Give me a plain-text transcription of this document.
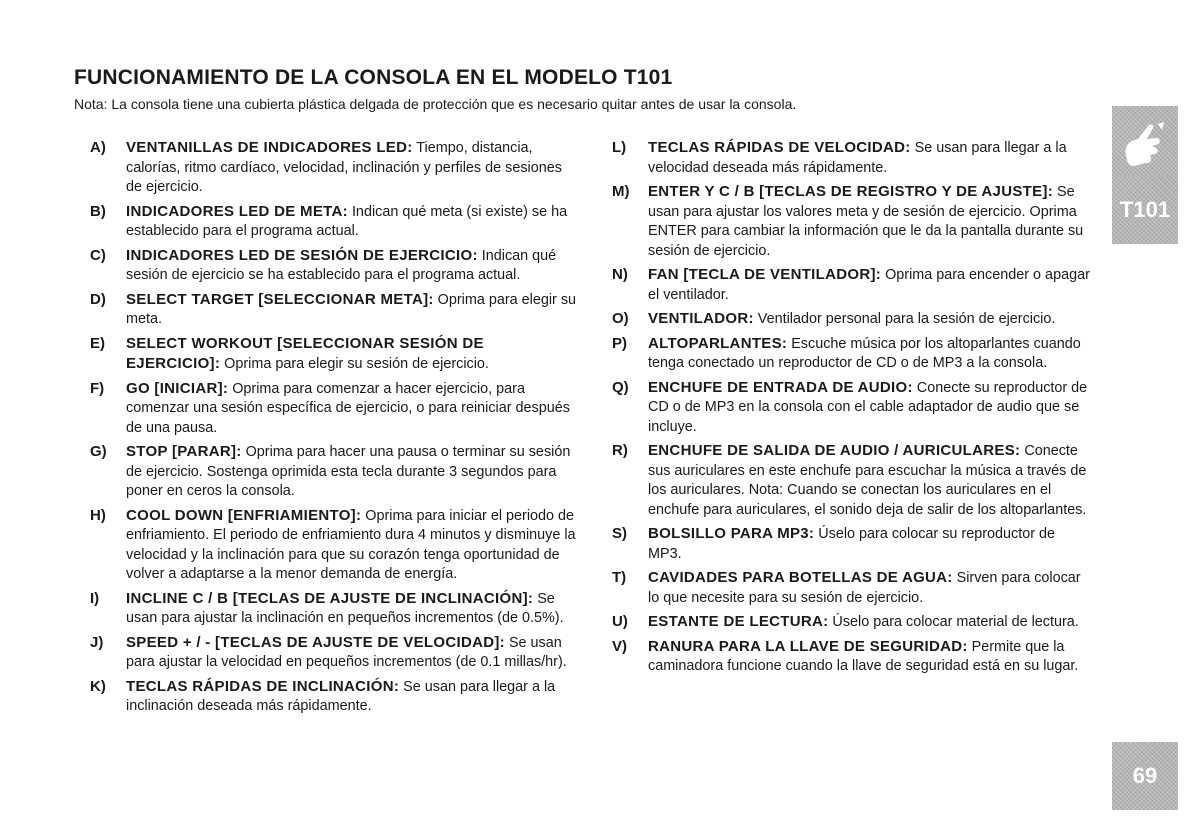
FUNCIONAMIENTO DE LA CONSOLA EN EL MODELO T101
Nota: La consola tiene una cubierta plástica delgada de protección que es necesario quitar antes de usar la consola.
A) VENTANILLAS DE INDICADORES LED: Tiempo, distancia, calorías, ritmo cardíaco, velocidad, inclinación y perfiles de sesiones de ejercicio.
B) INDICADORES LED DE META: Indican qué meta (si existe) se ha establecido para el programa actual.
C) INDICADORES LED DE SESIÓN DE EJERCICIO: Indican qué sesión de ejercicio se ha establecido para el programa actual.
D) SELECT TARGET [SELECCIONAR META]: Oprima para elegir su meta.
E) SELECT WORKOUT [SELECCIONAR SESIÓN DE EJERCICIO]: Oprima para elegir su sesión de ejercicio.
F) GO [INICIAR]: Oprima para comenzar a hacer ejercicio, para comenzar una sesión específica de ejercicio, o para reiniciar después de una pausa.
G) STOP [PARAR]: Oprima para hacer una pausa o terminar su sesión de ejercicio. Sostenga oprimida esta tecla durante 3 segundos para poner en ceros la consola.
H) COOL DOWN [ENFRIAMIENTO]: Oprima para iniciar el periodo de enfriamiento. El periodo de enfriamiento dura 4 minutos y disminuye la velocidad y la inclinación para que su corazón tenga oportunidad de volver a adaptarse a la menor demanda de energía.
I) INCLINE C / B [TECLAS DE AJUSTE DE INCLINACIÓN]: Se usan para ajustar la inclinación en pequeños incrementos (de 0.5%).
J) SPEED + / - [TECLAS DE AJUSTE DE VELOCIDAD]: Se usan para ajustar la velocidad en pequeños incrementos (de 0.1 millas/hr).
K) TECLAS RÁPIDAS DE INCLINACIÓN: Se usan para llegar a la inclinación deseada más rápidamente.
L) TECLAS RÁPIDAS DE VELOCIDAD: Se usan para llegar a la velocidad deseada más rápidamente.
M) ENTER Y C / B [TECLAS DE REGISTRO Y DE AJUSTE]: Se usan para ajustar los valores meta y de sesión de ejercicio. Oprima ENTER para cambiar la información que le da la pantalla durante su sesión de ejercicio.
N) FAN [TECLA DE VENTILADOR]: Oprima para encender o apagar el ventilador.
O) VENTILADOR: Ventilador personal para la sesión de ejercicio.
P) ALTOPARLANTES: Escuche música por los altoparlantes cuando tenga conectado un reproductor de CD o de MP3 a la consola.
Q) ENCHUFE DE ENTRADA DE AUDIO: Conecte su reproductor de CD o de MP3 en la consola con el cable adaptador de audio que se incluye.
R) ENCHUFE DE SALIDA DE AUDIO / AURICULARES: Conecte sus auriculares en este enchufe para escuchar la música a través de los auriculares. Nota: Cuando se conectan los auriculares en el enchufe para auriculares, el sonido deja de salir de los altoparlantes.
S) BOLSILLO PARA MP3: Úselo para colocar su reproductor de MP3.
T) CAVIDADES PARA BOTELLAS DE AGUA: Sirven para colocar lo que necesite para su sesión de ejercicio.
U) ESTANTE DE LECTURA: Úselo para colocar material de lectura.
V) RANURA PARA LA LLAVE DE SEGURIDAD: Permite que la caminadora funcione cuando la llave de seguridad está en su lugar.
T101
69
